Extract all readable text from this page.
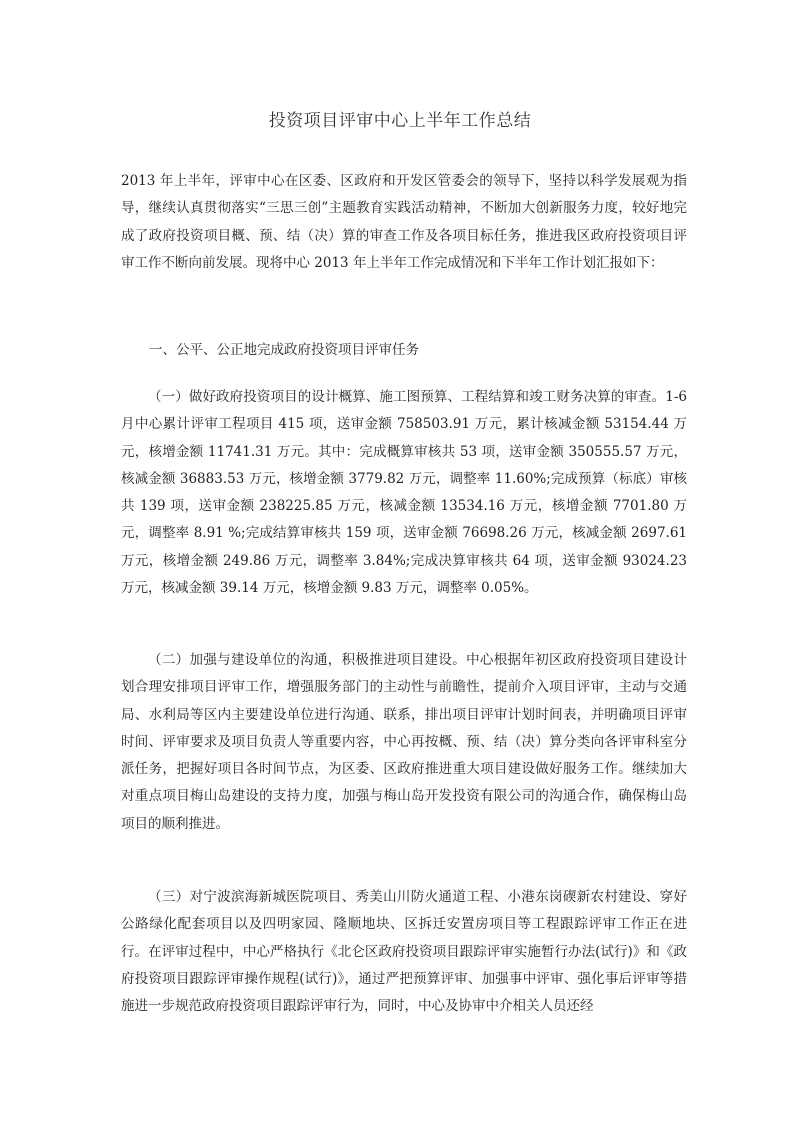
投资项目评审中心上半年工作总结

2013 年上半年，评审中心在区委、区政府和开发区管委会的领导下，坚持以科学发展观为指导，继续认真贯彻落实“三思三创”主题教育实践活动精神，不断加大创新服务力度，较好地完成了政府投资项目概、预、结（决）算的审查工作及各项目标任务，推进我区政府投资项目评审工作不断向前发展。现将中心 2013 年上半年工作完成情况和下半年工作计划汇报如下：

一、公平、公正地完成政府投资项目评审任务

（一）做好政府投资项目的设计概算、施工图预算、工程结算和竣工财务决算的审查。1-6 月中心累计评审工程项目 415 项，送审金额 758503.91 万元，累计核减金额 53154.44 万元，核增金额 11741.31 万元。其中：完成概算审核共 53 项，送审金额 350555.57 万元，核减金额 36883.53 万元，核增金额 3779.82 万元，调整率 11.60%;完成预算（标底）审核共 139 项，送审金额 238225.85 万元，核减金额 13534.16 万元，核增金额 7701.80 万元，调整率 8.91 %;完成结算审核共 159 项，送审金额 76698.26 万元，核减金额 2697.61 万元，核增金额 249.86 万元，调整率 3.84%;完成决算审核共 64 项，送审金额 93024.23 万元，核减金额 39.14 万元，核增金额 9.83 万元，调整率 0.05%。

（二）加强与建设单位的沟通，积极推进项目建设。中心根据年初区政府投资项目建设计划合理安排项目评审工作，增强服务部门的主动性与前瞻性，提前介入项目评审，主动与交通局、水利局等区内主要建设单位进行沟通、联系，排出项目评审计划时间表，并明确项目评审时间、评审要求及项目负责人等重要内容，中心再按概、预、结（决）算分类向各评审科室分派任务，把握好项目各时间节点，为区委、区政府推进重大项目建设做好服务工作。继续加大对重点项目梅山岛建设的支持力度，加强与梅山岛开发投资有限公司的沟通合作，确保梅山岛项目的顺利推进。

（三）对宁波滨海新城医院项目、秀美山川防火通道工程、小港东岗碶新农村建设、穿好公路绿化配套项目以及四明家园、隆顺地块、区拆迁安置房项目等工程跟踪评审工作正在进行。在评审过程中，中心严格执行《北仑区政府投资项目跟踪评审实施暂行办法(试行)》和《政府投资项目跟踪评审操作规程(试行)》，通过严把预算评审、加强事中评审、强化事后评审等措施进一步规范政府投资项目跟踪评审行为，同时，中心及协审中介相关人员还经
